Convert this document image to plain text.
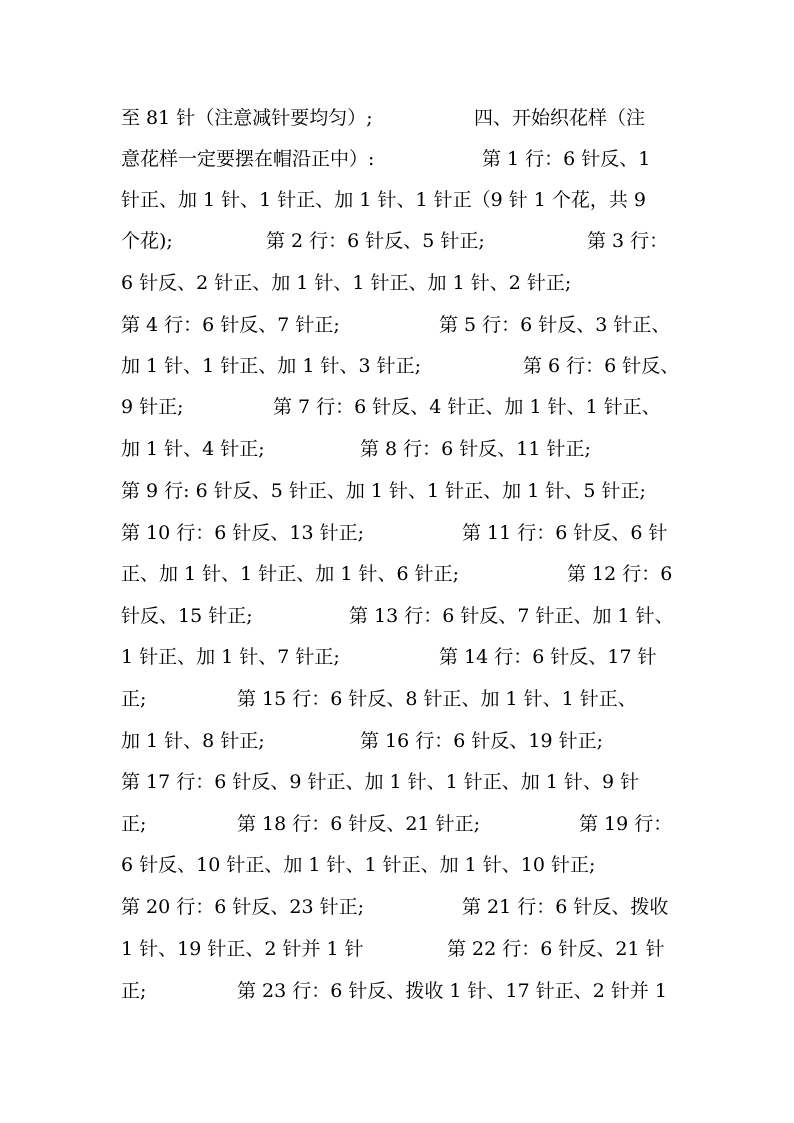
至 81 针（注意减针要均匀）;	四、开始织花样（注
意花样一定要摆在帽沿正中）:	第 1 行：6 针反、1
针正、加 1 针、1 针正、加 1 针、1 针正（9 针 1 个花，共 9
个花);	第 2 行：6 针反、5 针正;	第 3 行：
6 针反、2 针正、加 1 针、1 针正、加 1 针、2 针正;
第 4 行：6 针反、7 针正;	第 5 行：6 针反、3 针正、
加 1 针、1 针正、加 1 针、3 针正;	第 6 行：6 针反、
9 针正;	第 7 行：6 针反、4 针正、加 1 针、1 针正、
加 1 针、4 针正;	第 8 行：6 针反、11 针正;
第 9 行: 6 针反、5 针正、加 1 针、1 针正、加 1 针、5 针正;
第 10 行：6 针反、13 针正;	第 11 行：6 针反、6 针
正、加 1 针、1 针正、加 1 针、6 针正;	第 12 行：6
针反、15 针正;	第 13 行：6 针反、7 针正、加 1 针、
1 针正、加 1 针、7 针正;	第 14 行：6 针反、17 针
正;	第 15 行：6 针反、8 针正、加 1 针、1 针正、
加 1 针、8 针正;	第 16 行：6 针反、19 针正;
第 17 行：6 针反、9 针正、加 1 针、1 针正、加 1 针、9 针
正;	第 18 行：6 针反、21 针正;	第 19 行：
6 针反、10 针正、加 1 针、1 针正、加 1 针、10 针正;
第 20 行：6 针反、23 针正;	第 21 行：6 针反、拨收
1 针、19 针正、2 针并 1 针	第 22 行：6 针反、21 针
正;	第 23 行：6 针反、拨收 1 针、17 针正、2 针并 1
